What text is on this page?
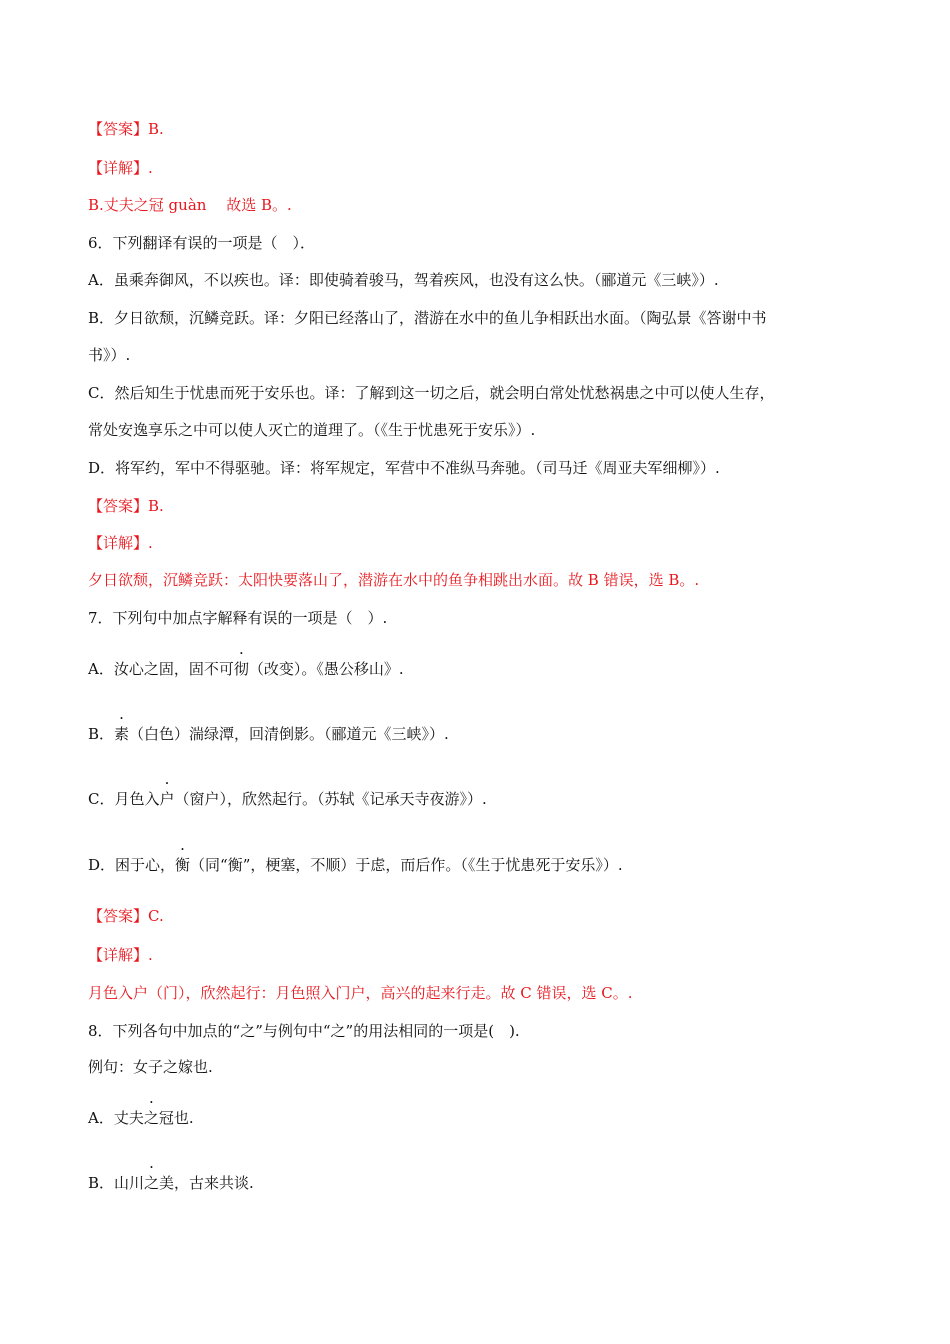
【答案】B.
【详解】.
B.丈夫之冠 guàn 　故选 B。.
6．下列翻译有误的一项是（　）．
A．虽乘奔御风，不以疾也。译：即使骑着骏马，驾着疾风，也没有这么快。（郦道元《三峡》）.
B．夕日欲颓，沉鳞竞跃。译：夕阳已经落山了，潜游在水中的鱼儿争相跃出水面。（陶弘景《答谢中书
书》）.
C．然后知生于忧患而死于安乐也。译：了解到这一切之后，就会明白常处忧愁祸患之中可以使人生存，
常处安逸享乐之中可以使人灭亡的道理了。（《生于忧患死于安乐》）.
D．将军约，军中不得驱驰。译：将军规定，军营中不准纵马奔驰。（司马迁《周亚夫军细柳》）.
【答案】B.
【详解】.
夕日欲颓，沉鳞竞跃：太阳快要落山了，潜游在水中的鱼争相跳出水面。故 B 错误，选 B。.
7．下列句中加点字解释有误的一项是（　）.
A．汝心之固，固不可彻（改变）。《愚公移山》.
B．素（白色）湍绿潭，回清倒影。（郦道元《三峡》）.
C．月色入户（窗户），欣然起行。（苏轼《记承天寺夜游》）.
D．困于心，衡（同“衡”，梗塞，不顺）于虑，而后作。（《生于忧患死于安乐》）.
【答案】C.
【详解】.
月色入户（门），欣然起行：月色照入门户，高兴的起来行走。故 C 错误，选 C。.
8．下列各句中加点的“之”与例句中“之”的用法相同的一项是(　).
例句：女子之嫁也.
A．丈夫之冠也.
B．山川之美，古来共谈.
